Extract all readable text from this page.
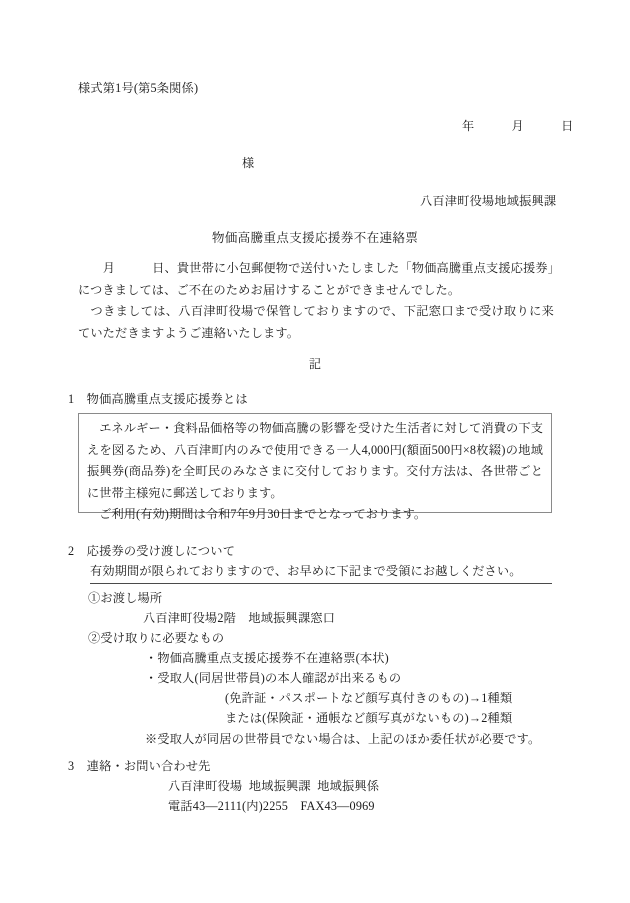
様式第1号(第5条関係)
年　　　月　　　日
様
八百津町役場地域振興課
物価高騰重点支援応援券不在連絡票
　　月　　　日、貴世帯に小包郵便物で送付いたしました「物価高騰重点支援応援券」につきましては、ご不在のためお届けすることができませんでした。
　つきましては、八百津町役場で保管しておりますので、下記窓口まで受け取りに来ていただきますようご連絡いたします。
記
1　物価高騰重点支援応援券とは

エネルギー・食料品価格等の物価高騰の影響を受けた生活者に対して消費の下支えを図るため、八百津町内のみで使用できる一人4,000円(額面500円×8枚綴)の地域振興券(商品券)を全町民のみなさまに交付しております。交付方法は、各世帯ごとに世帯主様宛に郵送しております。

ご利用(有効)期間は令和7年9月30日までとなっております。

2　応援券の受け渡しについて
有効期間が限られておりますので、お早めに下記まで受領にお越しください。
①お渡し場所
八百津町役場2階　地域振興課窓口
②受け取りに必要なもの
・物価高騰重点支援応援券不在連絡票(本状)
・受取人(同居世帯員)の本人確認が出来るもの
(免許証・パスポートなど顔写真付きのもの)→1種類
または(保険証・通帳など顔写真がないもの)→2種類
※受取人が同居の世帯員でない場合は、上記のほか委任状が必要です。
3　連絡・お問い合わせ先
八百津町役場  地域振興課  地域振興係
電話43—2111(内)2255　FAX43—0969
